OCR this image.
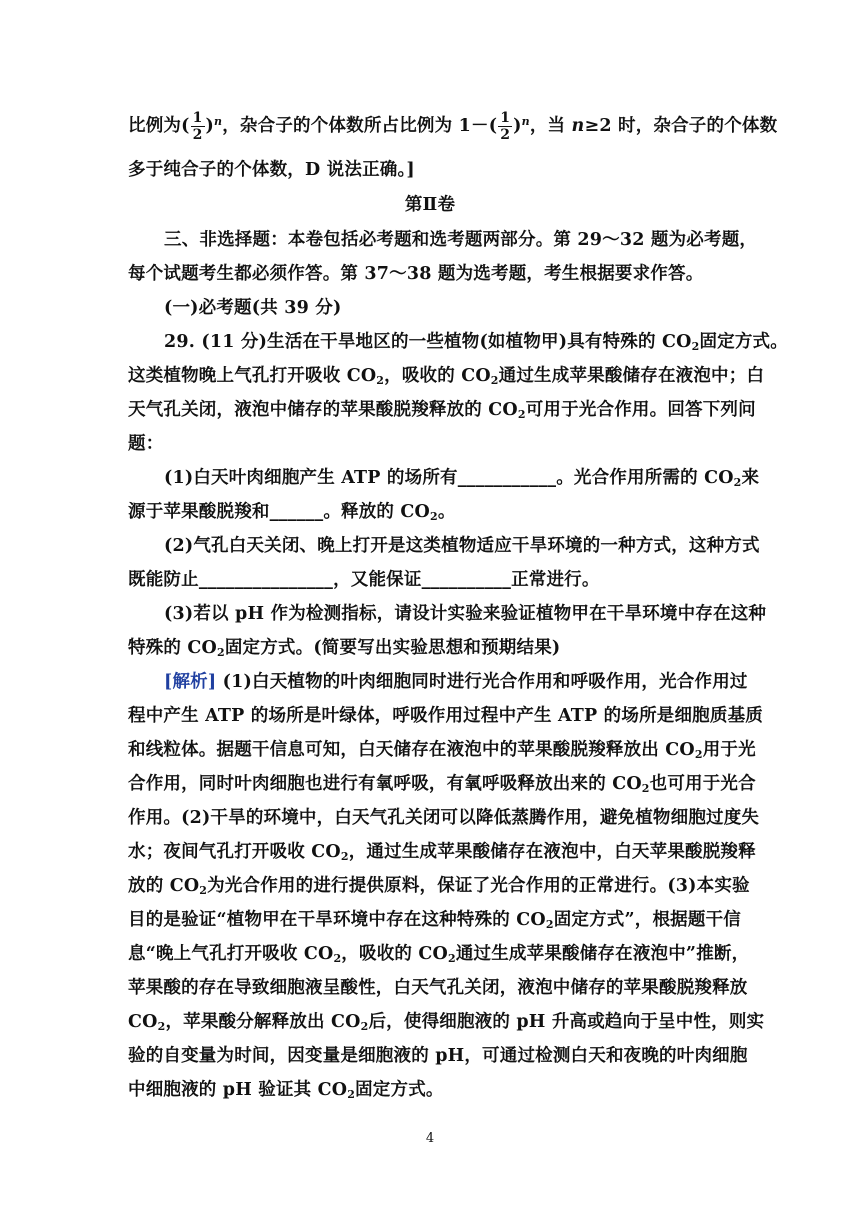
比例为( $\frac{1}{2} )^n$，杂合子的个体数所占比例为 $1-( \frac{1}{2} )^n$，当 n≥2 时，杂合子的个体数
多于纯合子的个体数，D 说法正确。]
第Ⅱ卷
三、非选择题：本卷包括必考题和选考题两部分。第 29～32 题为必考题，
每个试题考生都必须作答。第 37～38 题为选考题，考生根据要求作答。
(一)必考题(共 39 分)
29. (11 分)生活在干旱地区的一些植物(如植物甲)具有特殊的 $CO_2$固定方式。
这类植物晚上气孔打开吸收 $CO_2$，吸收的 $CO_2$通过生成苹果酸储存在液泡中；白
天气孔关闭，液泡中储存的苹果酸脱羧释放的 $CO_2$可用于光合作用。回答下列问
题：
(1)白天叶肉细胞产生 ATP 的场所有___________。光合作用所需的 $CO_2$来
源于苹果酸脱羧和______。释放的 $CO_2$。
(2)气孔白天关闭、晚上打开是这类植物适应干旱环境的一种方式，这种方式
既能防止_______________，又能保证__________正常进行。
(3)若以 pH 作为检测指标，请设计实验来验证植物甲在干旱环境中存在这种
特殊的 $CO_2$固定方式。(简要写出实验思想和预期结果)
[解析] (1)白天植物的叶肉细胞同时进行光合作用和呼吸作用，光合作用过
程中产生 ATP 的场所是叶绿体，呼吸作用过程中产生 ATP 的场所是细胞质基质
和线粒体。据题干信息可知，白天储存在液泡中的苹果酸脱羧释放出 $CO_2$用于光
合作用，同时叶肉细胞也进行有氧呼吸，有氧呼吸释放出来的 $CO_2$也可用于光合
作用。(2)干旱的环境中，白天气孔关闭可以降低蒸腾作用，避免植物细胞过度失
水；夜间气孔打开吸收 $CO_2$，通过生成苹果酸储存在液泡中，白天苹果酸脱羧释
放的 $CO_2$为光合作用的进行提供原料，保证了光合作用的正常进行。(3)本实验
目的是验证“植物甲在干旱环境中存在这种特殊的 $CO_2$固定方式”，根据题干信
息“晚上气孔打开吸收 $CO_2$，吸收的 $CO_2$通过生成苹果酸储存在液泡中”推断，
苹果酸的存在导致细胞液呈酸性，白天气孔关闭，液泡中储存的苹果酸脱羧释放
$CO_2$，苹果酸分解释放出 $CO_2$后，使得细胞液的 pH 升高或趋向于呈中性，则实
验的自变量为时间，因变量是细胞液的 pH，可通过检测白天和夜晚的叶肉细胞
中细胞液的 pH 验证其 $CO_2$固定方式。
4
